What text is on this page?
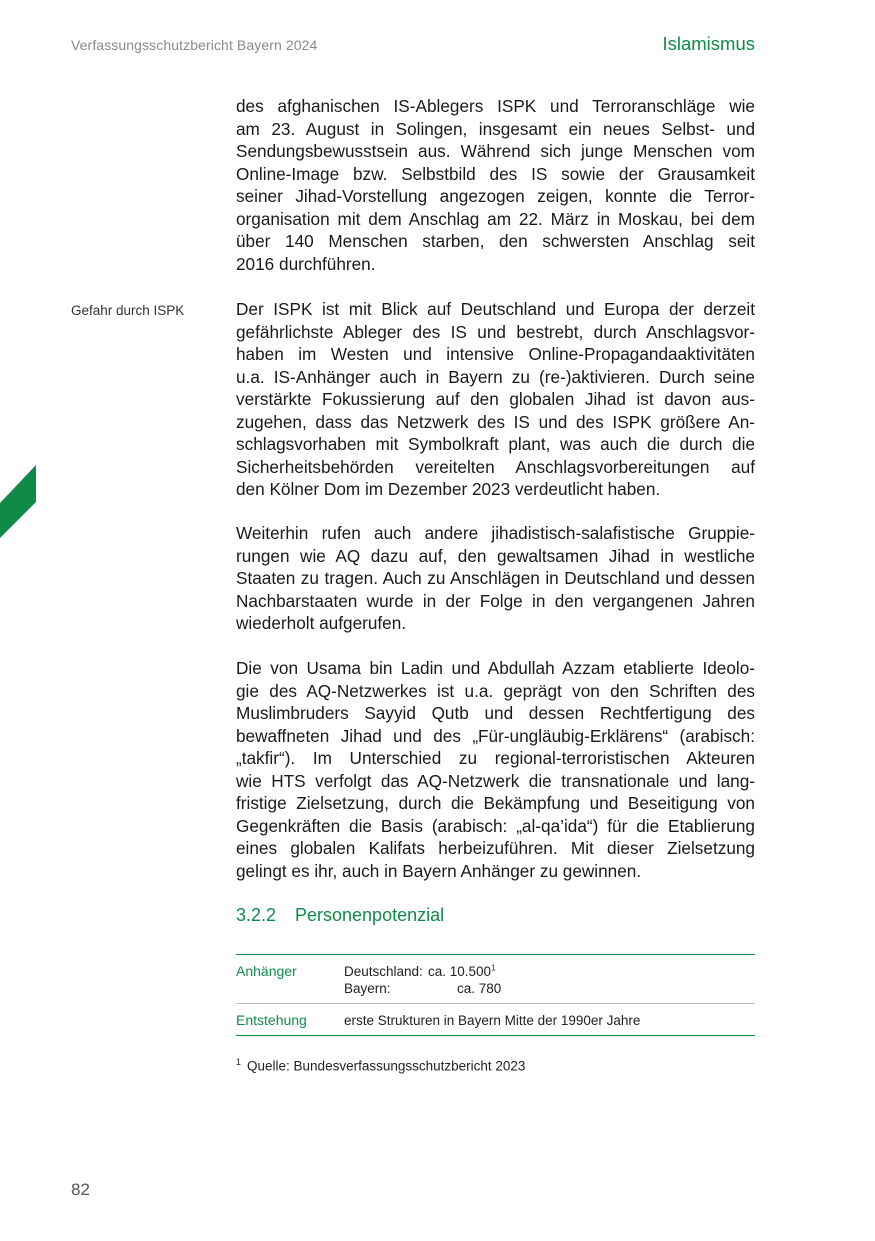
Verfassungsschutzbericht Bayern 2024	Islamismus
des afghanischen IS-Ablegers ISPK und Terroranschläge wie
am 23. August in Solingen, insgesamt ein neues Selbst- und
Sendungsbewusstsein aus. Während sich junge Menschen vom
Online-Image bzw. Selbstbild des IS sowie der Grausamkeit
seiner Jihad-Vorstellung angezogen zeigen, konnte die Terror-
organisation mit dem Anschlag am 22. März in Moskau, bei dem
über 140 Menschen starben, den schwersten Anschlag seit
2016 durchführen.
Gefahr durch ISPK	Der ISPK ist mit Blick auf Deutschland und Europa der derzeit
gefährlichste Ableger des IS und bestrebt, durch Anschlagsvor-
haben im Westen und intensive Online-Propagandaaktivitäten
u.a. IS-Anhänger auch in Bayern zu (re-)aktivieren. Durch seine
verstärkte Fokussierung auf den globalen Jihad ist davon aus-
zugehen, dass das Netzwerk des IS und des ISPK größere An-
schlagsvorhaben mit Symbolkraft plant, was auch die durch die
Sicherheitsbehörden vereitelten Anschlagsvorbereitungen auf
den Kölner Dom im Dezember 2023 verdeutlicht haben.
Weiterhin rufen auch andere jihadistisch-salafistische Gruppie-
rungen wie AQ dazu auf, den gewaltsamen Jihad in westliche
Staaten zu tragen. Auch zu Anschlägen in Deutschland und dessen
Nachbarstaaten wurde in der Folge in den vergangenen Jahren
wiederholt aufgerufen.
Die von Usama bin Ladin und Abdullah Azzam etablierte Ideolo-
gie des AQ-Netzwerkes ist u.a. geprägt von den Schriften des
Muslimbruders Sayyid Qutb und dessen Rechtfertigung des
bewaffneten Jihad und des „Für-ungläubig-Erklärens“ (arabisch:
„takfir“). Im Unterschied zu regional-terroristischen Akteuren
wie HTS verfolgt das AQ-Netzwerk die transnationale und lang-
fristige Zielsetzung, durch die Bekämpfung und Beseitigung von
Gegenkräften die Basis (arabisch: „al-qa’ida“) für die Etablierung
eines globalen Kalifats herbeizuführen. Mit dieser Zielsetzung
gelingt es ihr, auch in Bayern Anhänger zu gewinnen.
3.2.2 Personenpotenzial
Anhänger	Deutschland: ca. 10.500$^1$
Bayern:	ca. 780
Entstehung	erste Strukturen in Bayern Mitte der 1990er Jahre
$^1$ Quelle: Bundesverfassungsschutzbericht 2023
82
